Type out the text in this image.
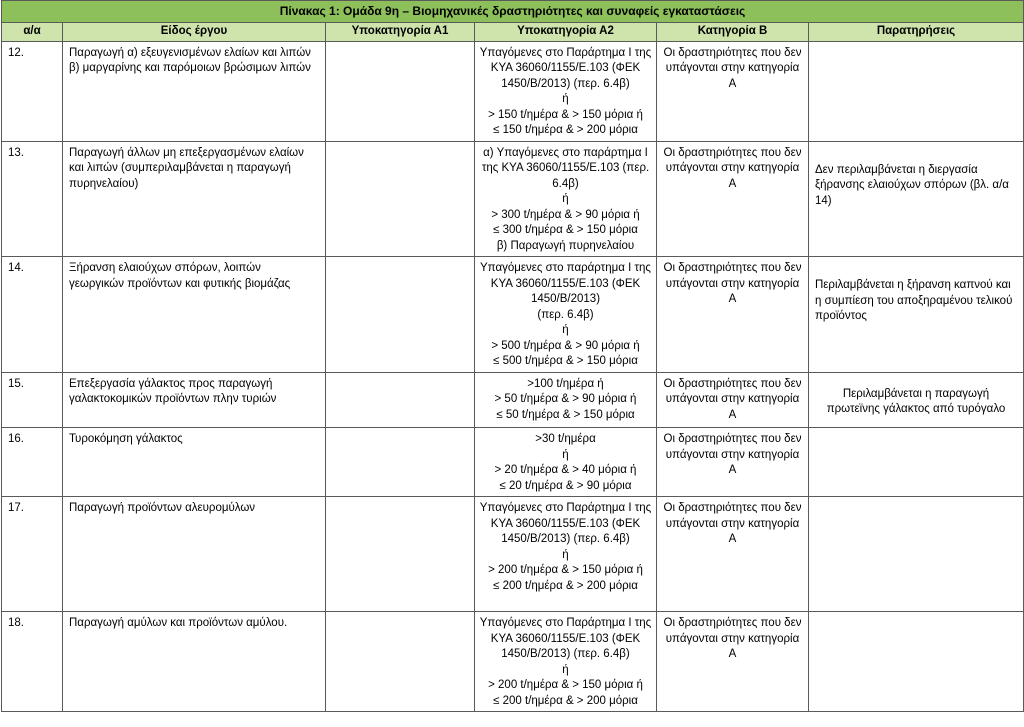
Πίνακας 1: Ομάδα 9η – Βιομηχανικές δραστηριότητες και συναφείς εγκαταστάσεις					
α/α	Είδος έργου	Υποκατηγορία Α1	Υποκατηγορία Α2	Κατηγορία Β	Παρατηρήσεις
12.	Παραγωγή α) εξευγενισμένων ελαίων και λιπών
β) μαργαρίνης και παρόμοιων βρώσιμων λιπών		Υπαγόμενες στο Παράρτημα I της ΚΥΑ 36060/1155/Ε.103 (ΦΕΚ 1450/Β/2013) (περ. 6.4β)
ή
> 150 t/ημέρα & > 150 μόρια ή
≤ 150 t/ημέρα & > 200 μόρια	Οι δραστηριότητες που δεν υπάγονται στην κατηγορία Α	
13.	Παραγωγή άλλων μη επεξεργασμένων ελαίων και λιπών (συμπεριλαμβάνεται η παραγωγή πυρηνελαίου)		α) Υπαγόμενες στο παράρτημα I της ΚΥΑ 36060/1155/Ε.103 (περ. 6.4β)
ή
> 300 t/ημέρα & > 90 μόρια ή
≤ 300 t/ημέρα & > 150 μόρια
β) Παραγωγή πυρηνελαίου	Οι δραστηριότητες που δεν υπάγονται στην κατηγορία Α	Δεν περιλαμβάνεται η διεργασία ξήρανσης ελαιούχων σπόρων (βλ. α/α 14)
14.	Ξήρανση ελαιούχων σπόρων, λοιπών γεωργικών προϊόντων και φυτικής βιομάζας		Υπαγόμενες στο παράρτημα I της ΚΥΑ 36060/1155/Ε.103 (ΦΕΚ 1450/Β/2013)
(περ. 6.4β)
ή
> 500 t/ημέρα & > 90 μόρια ή
≤ 500 t/ημέρα & > 150 μόρια	Οι δραστηριότητες που δεν υπάγονται στην κατηγορία Α	Περιλαμβάνεται η ξήρανση καπνού και η συμπίεση του αποξηραμένου τελικού προϊόντος
15.	Επεξεργασία γάλακτος προς παραγωγή γαλακτοκομικών προϊόντων πλην τυριών		>100 t/ημέρα ή
> 50 t/ημέρα & > 90 μόρια ή
≤ 50 t/ημέρα & > 150 μόρια	Οι δραστηριότητες που δεν υπάγονται στην κατηγορία Α	Περιλαμβάνεται η παραγωγή πρωτεϊνης γάλακτος από τυρόγαλο
16.	Τυροκόμηση γάλακτος		>30 t/ημέρα
ή
> 20 t/ημέρα & > 40 μόρια ή
≤ 20 t/ημέρα & > 90 μόρια	Οι δραστηριότητες που δεν υπάγονται στην κατηγορία Α	
17.	Παραγωγή προϊόντων αλευρομύλων		Υπαγόμενες στο Παράρτημα I της ΚΥΑ 36060/1155/Ε.103 (ΦΕΚ 1450/Β/2013) (περ. 6.4β)
ή
> 200 t/ημέρα & > 150 μόρια ή
≤ 200 t/ημέρα & > 200 μόρια	Οι δραστηριότητες που δεν υπάγονται στην κατηγορία Α	
18.	Παραγωγή αμύλων και προϊόντων αμύλου.		Υπαγόμενες στο Παράρτημα I της ΚΥΑ 36060/1155/Ε.103 (ΦΕΚ 1450/Β/2013) (περ. 6.4β)
ή
> 200 t/ημέρα & > 150 μόρια ή
≤ 200 t/ημέρα & > 200 μόρια	Οι δραστηριότητες που δεν υπάγονται στην κατηγορία Α	
